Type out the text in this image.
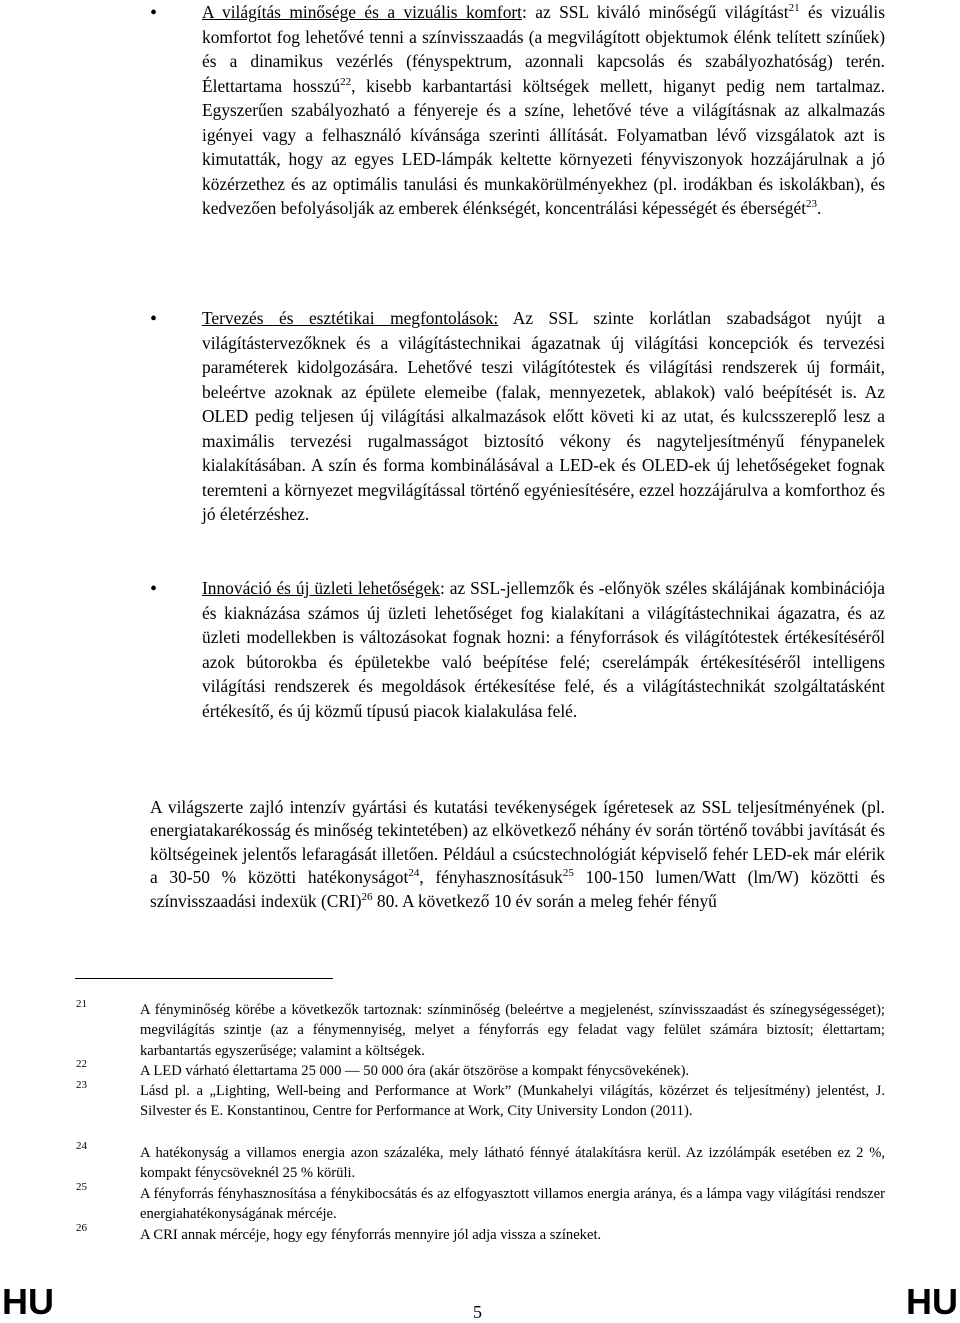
•	A világítás minősége és a vizuális komfort: az SSL kiváló minőségű világítást$^{21}$ és vizuális komfortot fog lehetővé tenni a színvisszaadás (a megvilágított objektumok élénk telített színűek) és a dinamikus vezérlés (fényspektrum, azonnali kapcsolás és szabályozhatóság) terén. Élettartama hosszú$^{22}$, kisebb karbantartási költségek mellett, higanyt pedig nem tartalmaz. Egyszerűen szabályozható a fényereje és a színe, lehetővé téve a világításnak az alkalmazás igényei vagy a felhasználó kívánsága szerinti állítását. Folyamatban lévő vizsgálatok azt is kimutatták, hogy az egyes LED-lámpák keltette környezeti fényviszonyok hozzájárulnak a jó közérzethez és az optimális tanulási és munkakörülményekhez (pl. irodákban és iskolákban), és kedvezően befolyásolják az emberek élénkségét, koncentrálási képességét és éberségét$^{23}$.
•	Tervezés és esztétikai megfontolások: Az SSL szinte korlátlan szabadságot nyújt a világítástervezőknek és a világítástechnikai ágazatnak új világítási koncepciók és tervezési paraméterek kidolgozására. Lehetővé teszi világítótestek és világítási rendszerek új formáit, beleértve azoknak az épülete elemeibe (falak, mennyezetek, ablakok) való beépítését is. Az OLED pedig teljesen új világítási alkalmazások előtt követi ki az utat, és kulcsszereplő lesz a maximális tervezési rugalmasságot biztosító vékony és nagyteljesítményű fénypanelek kialakításában. A szín és forma kombinálásával a LED-ek és OLED-ek új lehetőségeket fognak teremteni a környezet megvilágítással történő egyéniesítésére, ezzel hozzájárulva a komforthoz és jó életérzéshez.
•	Innováció és új üzleti lehetőségek: az SSL-jellemzők és -előnyök széles skálájának kombinációja és kiaknázása számos új üzleti lehetőséget fog kialakítani a világítástechnikai ágazatra, és az üzleti modellekben is változásokat fognak hozni: a fényforrások és világítótestek értékesítéséről azok bútorokba és épületekbe való beépítése felé; cserelámpák értékesítéséről intelligens világítási rendszerek és megoldások értékesítése felé, és a világítástechnikát szolgáltatásként értékesítő, és új közmű típusú piacok kialakulása felé.
A világszerte zajló intenzív gyártási és kutatási tevékenységek ígéretesek az SSL teljesítményének (pl. energiatakarékosság és minőség tekintetében) az elkövetkező néhány év során történő további javítását és költségeinek jelentős lefaragását illetően. Például a csúcstechnológiát képviselő fehér LED-ek már elérik a 30-50 % közötti hatékonyságot$^{24}$, fényhasznosításuk$^{25}$ 100-150 lumen/Watt (lm/W) közötti és színvisszaadási indexük (CRI)$^{26}$ 80. A következő 10 év során a meleg fehér fényű
21	A fényminőség körébe a következők tartoznak: színminőség (beleértve a megjelenést, színvisszaadást és színegységességet); megvilágítás szintje (az a fénymennyiség, melyet a fényforrás egy feladat vagy felület számára biztosít; élettartam; karbantartás egyszerűsége; valamint a költségek.
22	A LED várható élettartama 25 000 — 50 000 óra (akár ötszöröse a kompakt fénycsövekének).
23	Lásd pl. a „Lighting, Well-being and Performance at Work” (Munkahelyi világítás, közérzet és teljesítmény) jelentést, J. Silvester és E. Konstantinou, Centre for Performance at Work, City University London (2011).
24	A hatékonyság a villamos energia azon százaléka, mely látható fénnyé átalakításra kerül. Az izzólámpák esetében ez 2 %, kompakt fénycsöveknél 25 % körüli.
25	A fényforrás fényhasznosítása a fénykibocsátás és az elfogyasztott villamos energia aránya, és a lámpa vagy világítási rendszer energiahatékonyságának mércéje.
26	A CRI annak mércéje, hogy egy fényforrás mennyire jól adja vissza a színeket.
HU	5	HU
